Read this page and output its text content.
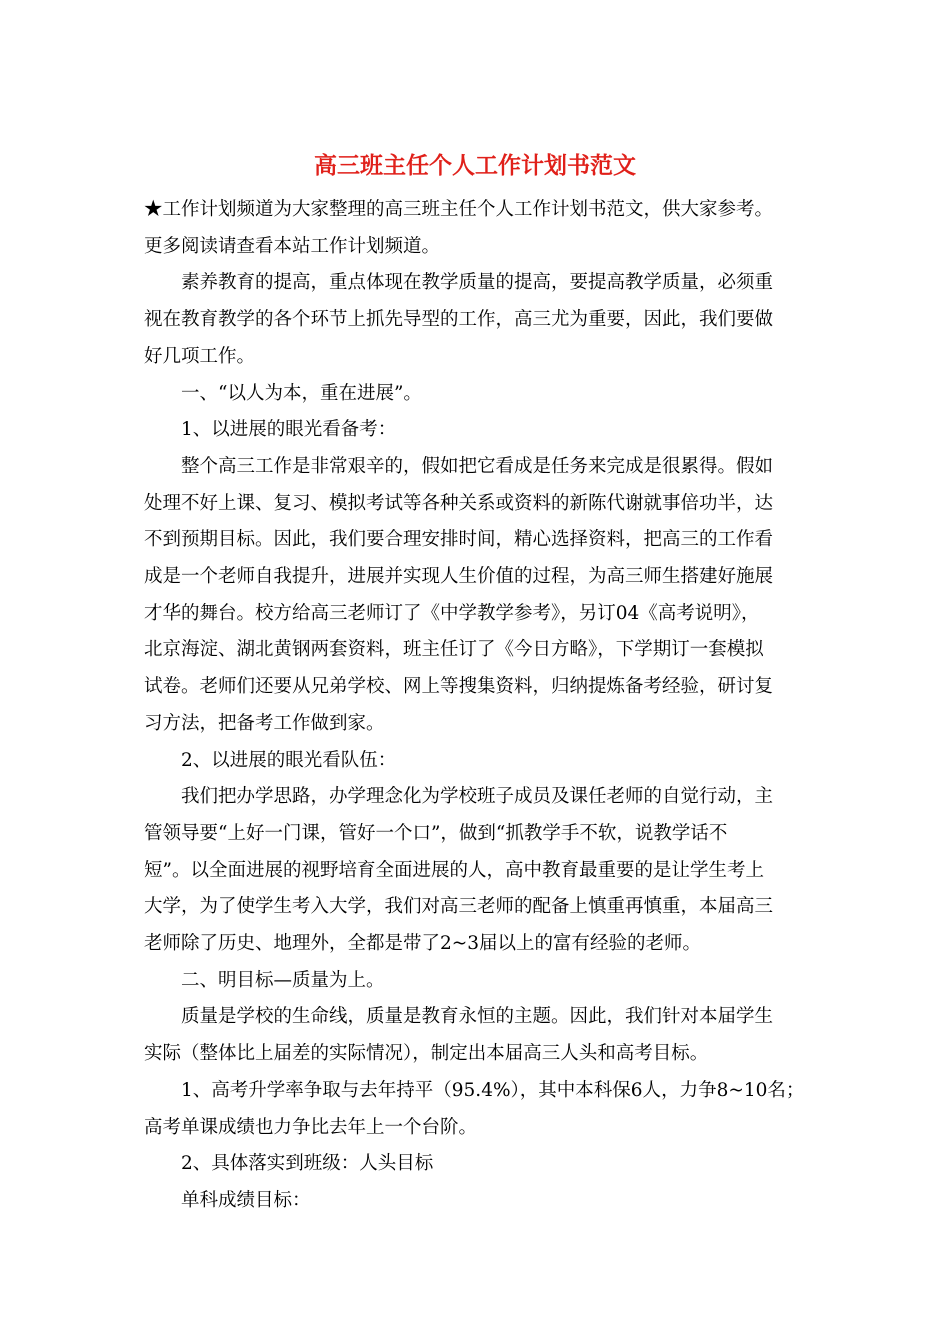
高三班主任个人工作计划书范文

★工作计划频道为大家整理的高三班主任个人工作计划书范文，供大家参考。

更多阅读请查看本站工作计划频道。

素养教育的提高，重点体现在教学质量的提高，要提高教学质量，必须重

视在教育教学的各个环节上抓先导型的工作，高三尤为重要，因此，我们要做

好几项工作。

一、“以人为本，重在进展”。

1、以进展的眼光看备考：

整个高三工作是非常艰辛的，假如把它看成是任务来完成是很累得。假如

处理不好上课、复习、模拟考试等各种关系或资料的新陈代谢就事倍功半，达

不到预期目标。因此，我们要合理安排时间，精心选择资料，把高三的工作看

成是一个老师自我提升，进展并实现人生价值的过程，为高三师生搭建好施展

才华的舞台。校方给高三老师订了《中学教学参考》，另订04《高考说明》，

北京海淀、湖北黄钢两套资料，班主任订了《今日方略》，下学期订一套模拟

试卷。老师们还要从兄弟学校、网上等搜集资料，归纳提炼备考经验，研讨复

习方法，把备考工作做到家。

2、以进展的眼光看队伍：

我们把办学思路，办学理念化为学校班子成员及课任老师的自觉行动，主

管领导要“上好一门课，管好一个口”，做到“抓教学手不软，说教学话不

短”。以全面进展的视野培育全面进展的人，高中教育最重要的是让学生考上

大学，为了使学生考入大学，我们对高三老师的配备上慎重再慎重，本届高三

老师除了历史、地理外，全都是带了2~3届以上的富有经验的老师。

二、明目标—质量为上。

质量是学校的生命线，质量是教育永恒的主题。因此，我们针对本届学生

实际（整体比上届差的实际情况），制定出本届高三人头和高考目标。

1、高考升学率争取与去年持平（95.4%），其中本科保6人，力争8~10名；

高考单课成绩也力争比去年上一个台阶。

2、具体落实到班级：人头目标

单科成绩目标：
